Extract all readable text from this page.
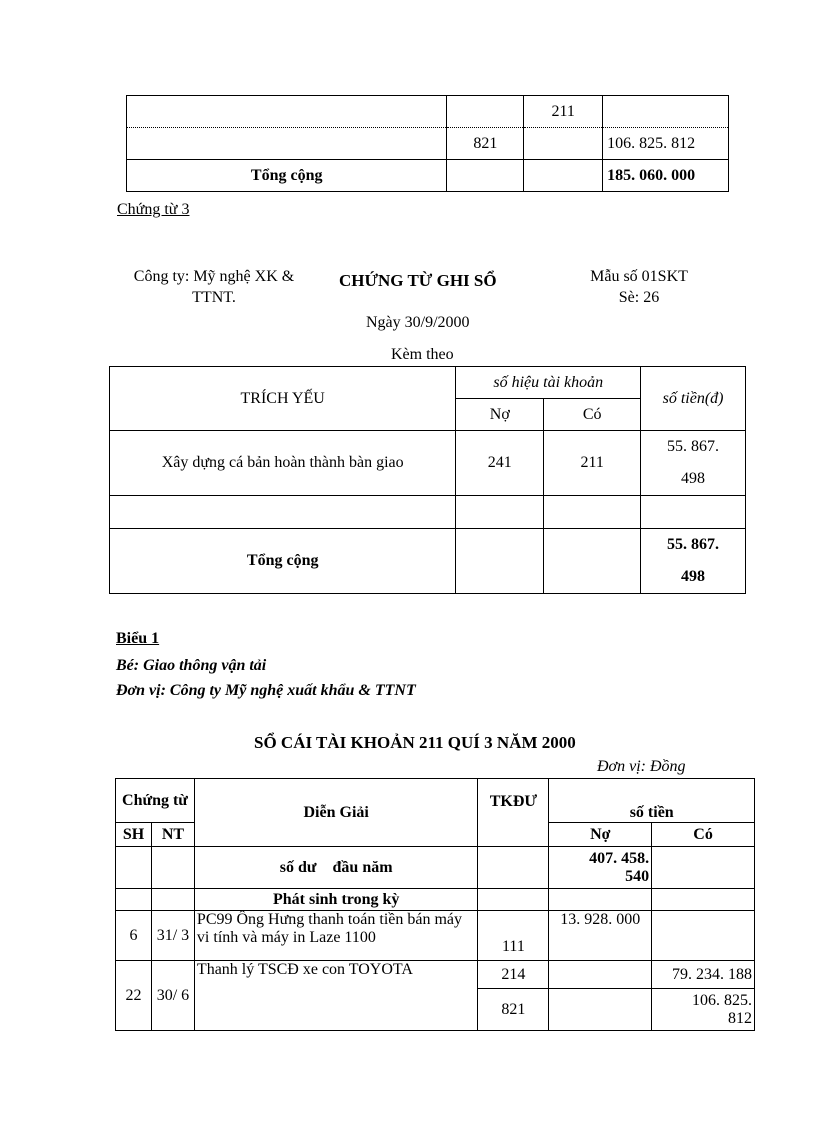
		211	
	821		106. 825. 812
Tổng cộng			185. 060. 000
Chứng từ 3
Công ty: Mỹ nghệ XK &
TTNT.
CHỨNG TỪ GHI SỔ	Mẫu số 01SKT
Sè: 26
Ngày 30/9/2000
Kèm theo
TRÍCH YẾU	số hiệu tài khoản		số tiền(đ)
	Nợ	Có	
Xây dựng cá bản hoàn thành bàn giao	241	211	55. 867.
498

Tổng cộng			55. 867.
498
Biểu 1
Bé: Giao thông vận tải
Đơn vị: Công ty Mỹ nghệ xuất khẩu & TTNT
SỔ CÁI TÀI KHOẢN 211 QUÍ 3 NĂM 2000
Đơn vị: Đồng
Chứng từ		Diễn Giải	TKĐƯ	số tiền	
SH	NT			Nợ	Có
		số dư    đầu năm		407. 458.
540	

		Phát sinh trong kỳ			
6	31/ 3	PC99 Ông Hưng thanh toán tiền bán máy vi tính và máy in Laze 1100	111	13. 928. 000	
22	30/ 6	Thanh lý TSCĐ xe con TOYOTA	214		79. 234. 188
			821		106. 825.
812
